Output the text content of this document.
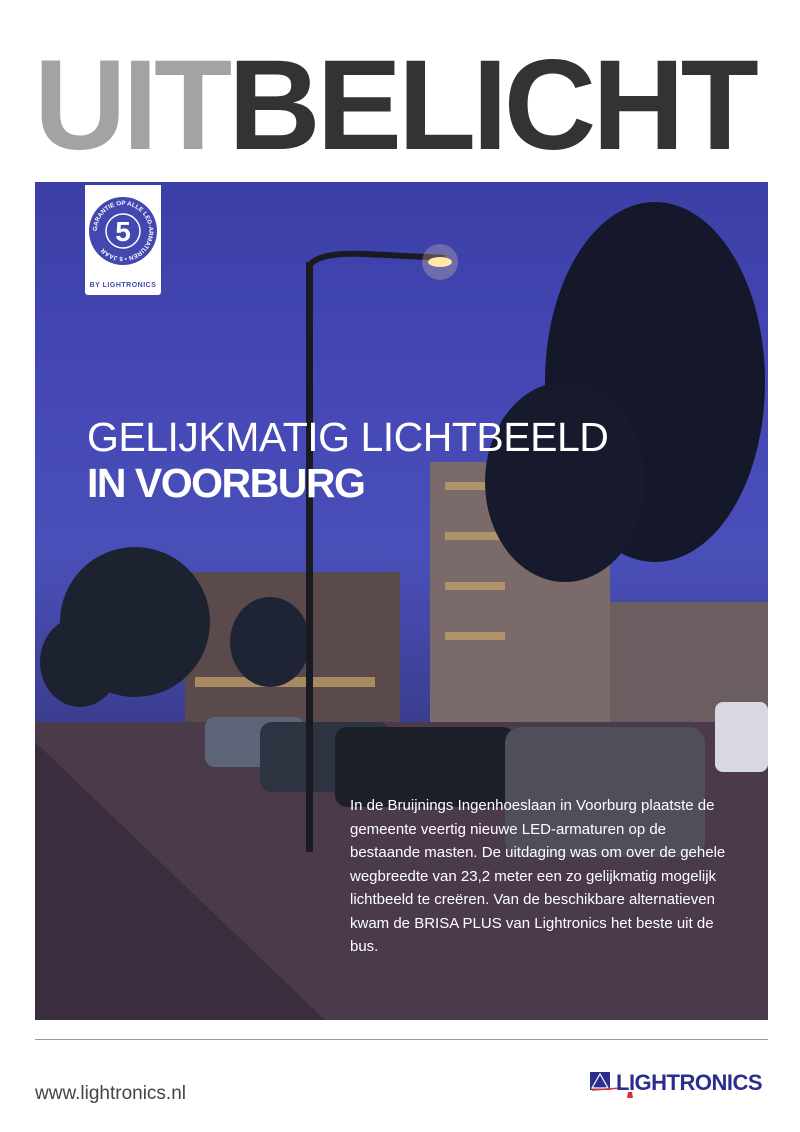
UITBELICHT
GARANTIE OP ALLE LED-ARMATUREN • 5 JAAR
5
BY LIGHTRONICS
GELIJKMATIG LICHTBEELD
IN VOORBURG
In de Bruijnings Ingenhoeslaan in Voorburg plaatste de gemeente veertig nieuwe LED-armaturen op de bestaande masten. De uitdaging was om over de gehele wegbreedte van 23,2 meter een zo gelijkmatig mogelijk lichtbeeld te creëren. Van de beschikbare alternatieven kwam de BRISA PLUS van Lightronics het beste uit de bus.
www.lightronics.nl	LIGHTRONICS
